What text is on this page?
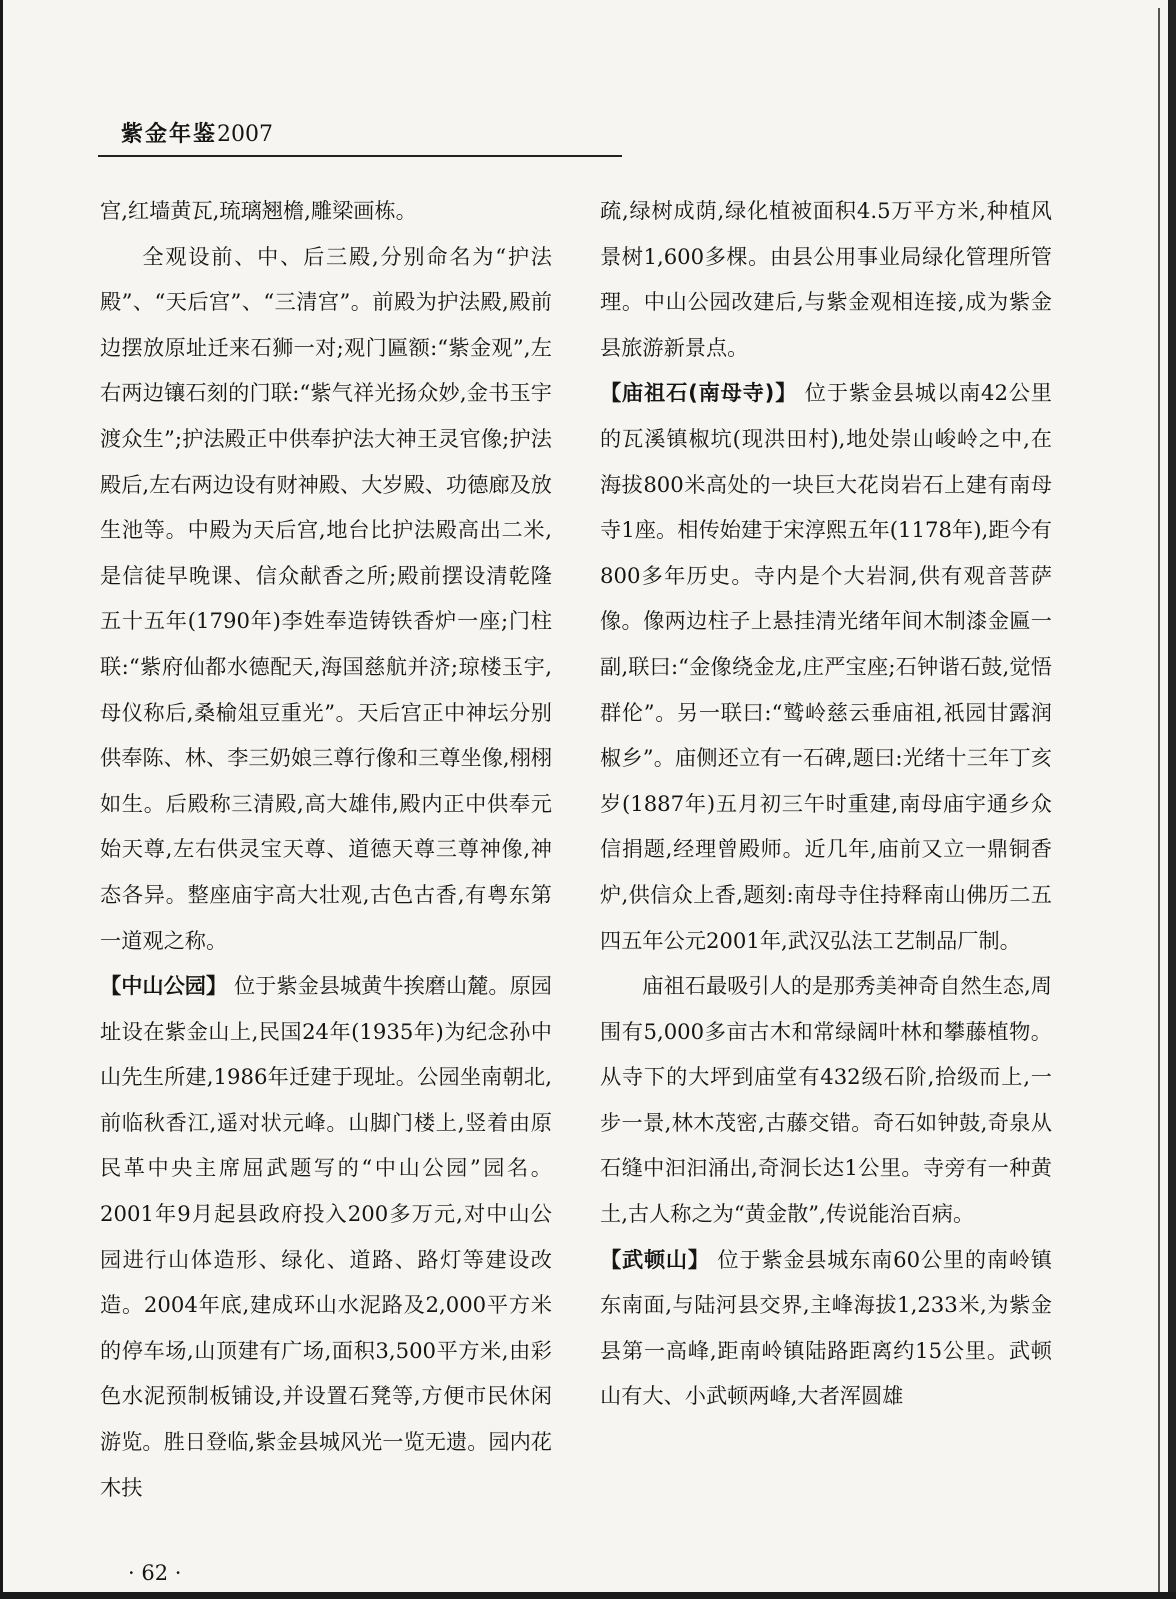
紫金年鉴2007

宫,红墙黄瓦,琉璃翘檐,雕梁画栋。

全观设前、中、后三殿,分别命名为“护法殿”、“天后宫”、“三清宫”。前殿为护法殿,殿前边摆放原址迁来石狮一对;观门匾额:“紫金观”,左右两边镶石刻的门联:“紫气祥光扬众妙,金书玉宇渡众生”;护法殿正中供奉护法大神王灵官像;护法殿后,左右两边设有财神殿、大岁殿、功德廊及放生池等。中殿为天后宫,地台比护法殿高出二米,是信徒早晚课、信众献香之所;殿前摆设清乾隆五十五年(1790年)李姓奉造铸铁香炉一座;门柱联:“紫府仙都水德配天,海国慈航并济;琼楼玉宇,母仪称后,桑榆俎豆重光”。天后宫正中神坛分别供奉陈、林、李三奶娘三尊行像和三尊坐像,栩栩如生。后殿称三清殿,高大雄伟,殿内正中供奉元始天尊,左右供灵宝天尊、道德天尊三尊神像,神态各异。整座庙宇高大壮观,古色古香,有粤东第一道观之称。

【中山公园】 位于紫金县城黄牛挨磨山麓。原园址设在紫金山上,民国24年(1935年)为纪念孙中山先生所建,1986年迁建于现址。公园坐南朝北,前临秋香江,遥对状元峰。山脚门楼上,竖着由原民革中央主席屈武题写的“中山公园”园名。2001年9月起县政府投入200多万元,对中山公园进行山体造形、绿化、道路、路灯等建设改造。2004年底,建成环山水泥路及2,000平方米的停车场,山顶建有广场,面积3,500平方米,由彩色水泥预制板铺设,并设置石凳等,方便市民休闲游览。胜日登临,紫金县城风光一览无遗。园内花木扶

疏,绿树成荫,绿化植被面积4.5万平方米,种植风景树1,600多棵。由县公用事业局绿化管理所管理。中山公园改建后,与紫金观相连接,成为紫金县旅游新景点。

【庙祖石(南母寺)】 位于紫金县城以南42公里的瓦溪镇椒坑(现洪田村),地处崇山峻岭之中,在海拔800米高处的一块巨大花岗岩石上建有南母寺1座。相传始建于宋淳熙五年(1178年),距今有800多年历史。寺内是个大岩洞,供有观音菩萨像。像两边柱子上悬挂清光绪年间木制漆金匾一副,联曰:“金像绕金龙,庄严宝座;石钟谐石鼓,觉悟群伦”。另一联曰:“鹫岭慈云垂庙祖,祇园甘露润椒乡”。庙侧还立有一石碑,题曰:光绪十三年丁亥岁(1887年)五月初三午时重建,南母庙宇通乡众信捐题,经理曾殿师。近几年,庙前又立一鼎铜香炉,供信众上香,题刻:南母寺住持释南山佛历二五四五年公元2001年,武汉弘法工艺制品厂制。

庙祖石最吸引人的是那秀美神奇自然生态,周围有5,000多亩古木和常绿阔叶林和攀藤植物。从寺下的大坪到庙堂有432级石阶,拾级而上,一步一景,林木茂密,古藤交错。奇石如钟鼓,奇泉从石缝中汩汩涌出,奇洞长达1公里。寺旁有一种黄土,古人称之为“黄金散”,传说能治百病。

【武顿山】 位于紫金县城东南60公里的南岭镇东南面,与陆河县交界,主峰海拔1,233米,为紫金县第一高峰,距南岭镇陆路距离约15公里。武顿山有大、小武顿两峰,大者浑圆雄

· 62 ·
